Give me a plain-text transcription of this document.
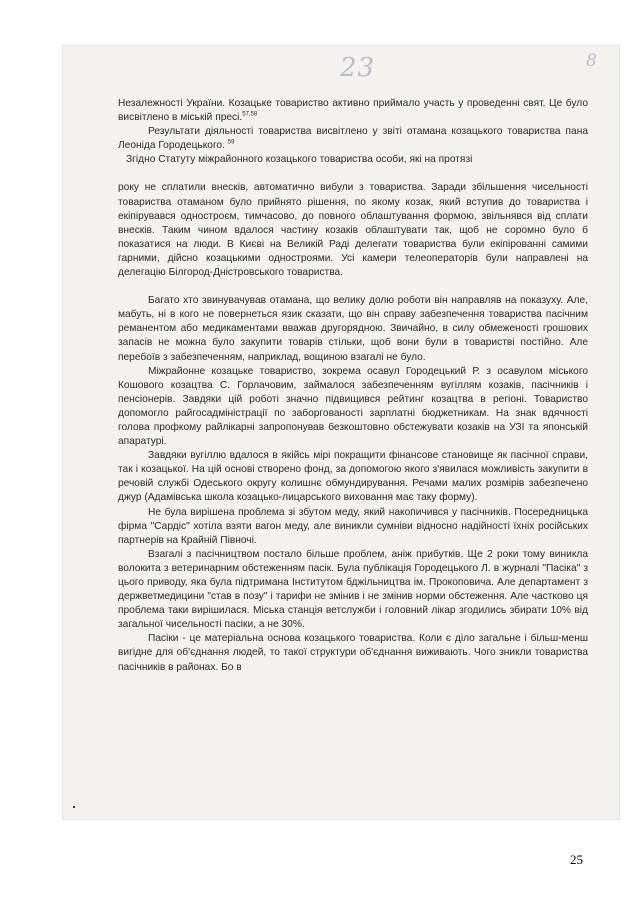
23	8

Незалежності України. Козацьке товариство активно приймало участь у проведенні свят. Це було висвітлено в міській пресі.$^{57,58}$

Результати діяльності товариства висвітлено у звіті отамана козацького товариства пана Леоніда Городецького. $^{59}$

Згідно Статуту міжрайонного козацького товариства особи, які на протязі

року не сплатили внесків, автоматично вибули з товариства. Заради збільшення чисельності товариства отаманом було прийнято рішення, по якому козак, який вступив до товариства і екіпірувався одностроєм, тимчасово, до повного облаштування формою, звільнявся від сплати внесків. Таким чином вдалося частину козаків облаштувати так, щоб не соромно було б показатися на люди. В Києві на Великій Раді делегати товариства були екіпірованні самими гарними, дійсно козацькими одностроями. Усі камери телеоператорів були направлені на делегацію Білгород-Дністровського товариства.

Багато хто звинувачував отамана, що велику долю роботи він направляв на показуху. Але, мабуть, ні в кого не повернеться язик сказати, що він справу забезпечення товариства пасічним реманентом або медикаментами вважав другорядною. Звичайно, в силу обмеженості грошових запасів не можна було закупити товарів стільки, щоб вони були в товаристві постійно. Але перебоїв з забезпеченням, наприклад, вощиною взагалі не було.

Міжрайонне козацьке товариство, зокрема осавул Городецький Р. з осавулом міського Кошового козацтва С. Горлачовим, займалося забезпеченням вугіллям козаків, пасічників і пенсіонерів. Завдяки цій роботі значно підвищився рейтинг козацтва в регіоні. Товариство допомогло райгосадміністрації по заборгованості зарплатні бюджетникам. На знак вдячності голова профкому райлікарні запропонував безкоштовно обстежувати козаків на УЗІ та японській апаратурі.

Завдяки вугіллю вдалося в якійсь мірі покращити фінансове становище як пасічної справи, так і козацької. На цій основі створено фонд, за допомогою якого з'явилася можливість закупити в речовій службі Одеського округу колишнє обмундирування. Речами малих розмірів забезпечено джур (Адамівська школа козацько-лицарського виховання має таку форму).

Не була вирішена проблема зі збутом меду, який накопичився у пасічників. Посередницька фірма "Сардіс" хотіла взяти вагон меду, але виникли сумніви відносно надійності їхніх російських партнерів на Крайній Півночі.

Взагалі з пасічництвом постало більше проблем, аніж прибутків. Ще 2 роки тому виникла волокита з ветеринарним обстеженням пасік. Була публікація Городецького Л. в журналі "Пасіка" з цього приводу, яка була підтримана Інститутом бджільництва ім. Прокоповича. Але департамент з держветмедицини "став в позу" і тарифи не змінив і не змінив норми обстеження. Але частково ця проблема таки вирішилася. Міська станція ветслужби і головний лікар згодились збирати 10% від загальної чисельності пасіки, а не 30%.

Пасіки - це матеріальна основа козацького товариства. Коли є діло загальне і більш-менш вигідне для об'єднання людей, то такої структури об'єднання виживають. Чого зникли товариства пасічників в районах. Бо в

25
